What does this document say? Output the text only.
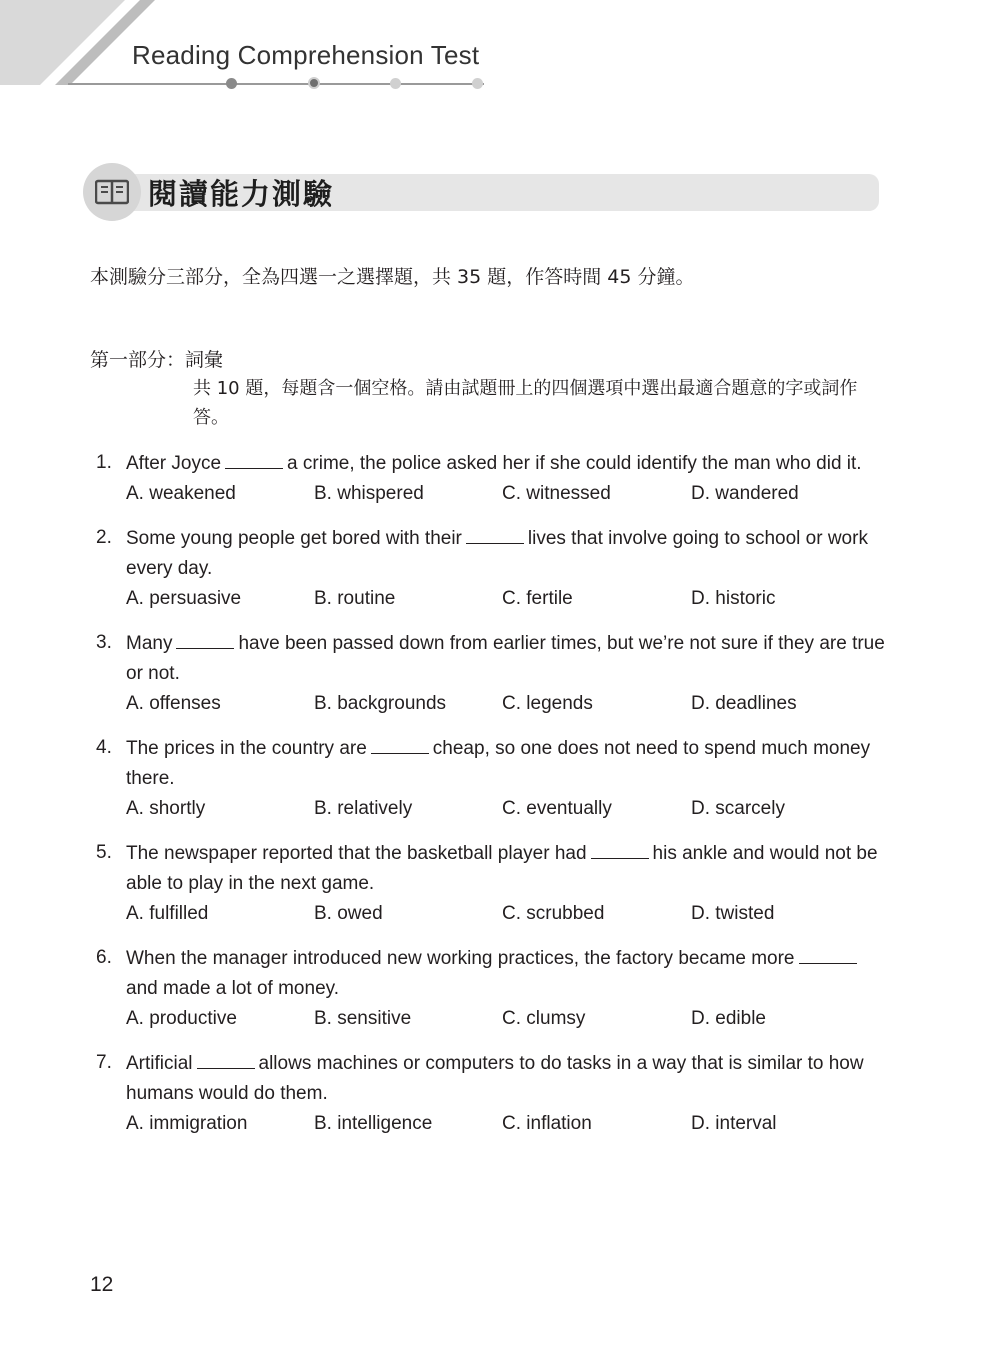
Reading Comprehension Test
閱讀能力測驗
本測驗分三部分，全為四選一之選擇題，共 35 題，作答時間 45 分鐘。
第一部分：詞彙
共 10 題，每題含一個空格。請由試題冊上的四個選項中選出最適合題意的字或詞作答。
1. After Joyce	a crime, the police asked her if she could identify the man who did it.
A. weakened	B. whispered	C. witnessed	D. wandered
2. Some young people get bored with their	lives that involve going to school or work every day.
A. persuasive	B. routine	C. fertile	D. historic
3. Many	have been passed down from earlier times, but we’re not sure if they are true or not.
A. offenses	B. backgrounds	C. legends	D. deadlines
4. The prices in the country are	cheap, so one does not need to spend much money there.
A. shortly	B. relatively	C. eventually	D. scarcely
5. The newspaper reported that the basketball player had	his ankle and would not be able to play in the next game.
A. fulfilled	B. owed	C. scrubbed	D. twisted
6. When the manager introduced new working practices, the factory became moreand made a lot of money.
A. productive	B. sensitive	C. clumsy	D. edible
7. Artificial	allows machines or computers to do tasks in a way that is similar to how humans would do them.
A. immigration	B. intelligence	C. inflation	D. interval
12
